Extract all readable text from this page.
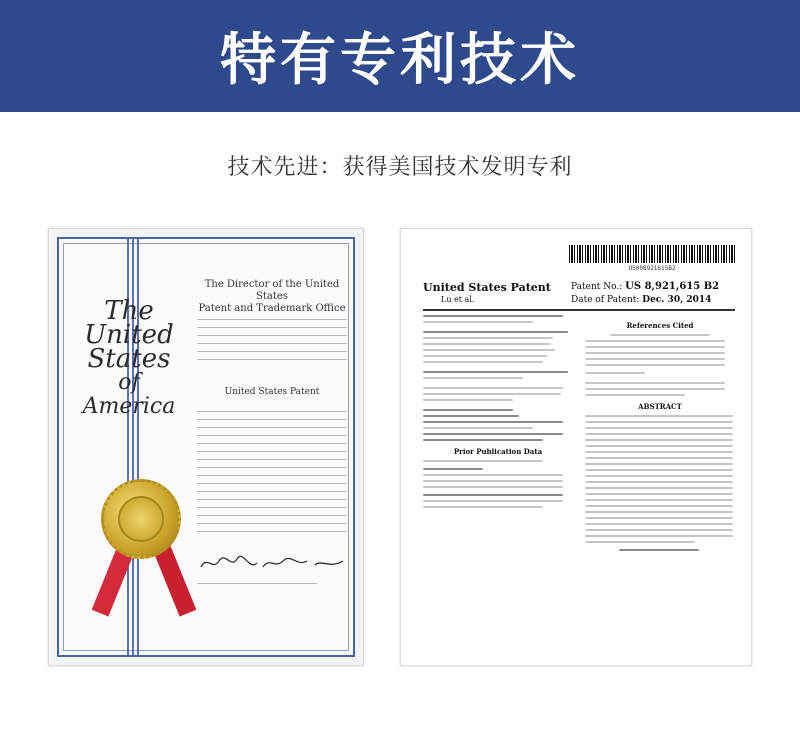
特有专利技术
技术先进：获得美国技术发明专利
The
United
States
of
America
The Director of the United States
Patent and Trademark Office
United States Patent
US008921615B2
United States Patent
Lu et al.
Patent No.: US 8,921,615 B2
Date of Patent: Dec. 30, 2014
Prior Publication Data
References Cited
ABSTRACT
